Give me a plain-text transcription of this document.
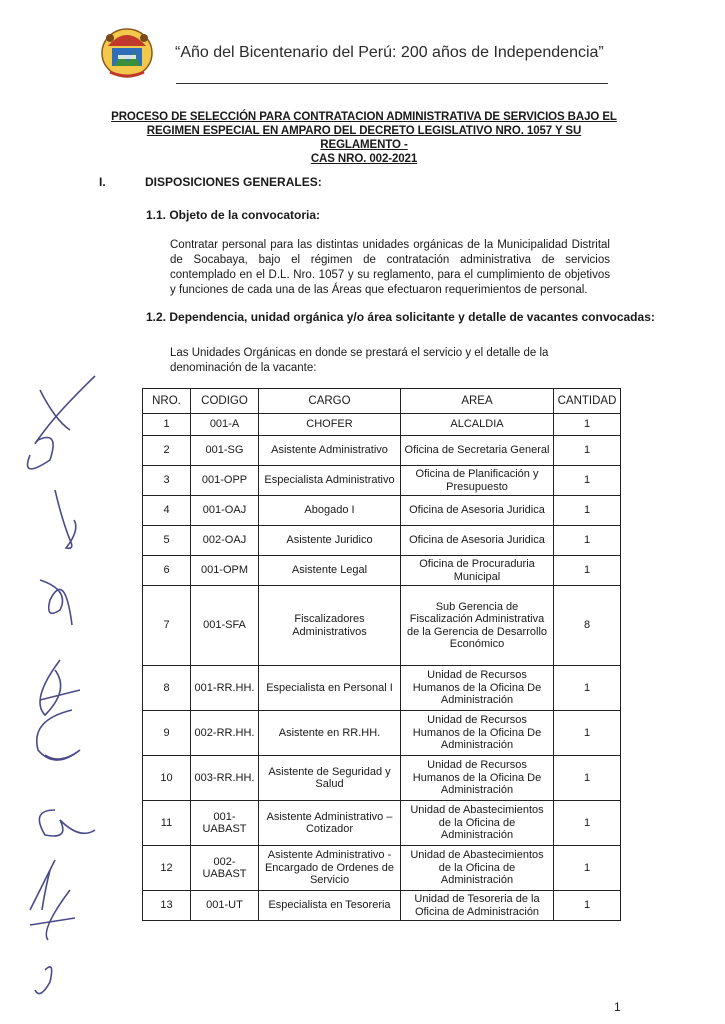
“Año del Bicentenario del Perú: 200 años de Independencia”
PROCESO DE SELECCIÓN PARA CONTRATACION ADMINISTRATIVA DE SERVICIOS BAJO EL
REGIMEN ESPECIAL EN AMPARO DEL DECRETO LEGISLATIVO NRO. 1057 Y SU REGLAMENTO -
CAS NRO. 002-2021
I.	DISPOSICIONES GENERALES:
1.1. Objeto de la convocatoria:
Contratar personal para las distintas unidades orgánicas de la Municipalidad Distrital de Socabaya, bajo el régimen de contratación administrativa de servicios contemplado en el D.L. Nro. 1057 y su reglamento, para el cumplimiento de objetivos y funciones de cada una de las Áreas que efectuaron requerimientos de personal.
1.2. Dependencia, unidad orgánica y/o área solicitante y detalle de vacantes convocadas:
Las Unidades Orgánicas en donde se prestará el servicio y el detalle de la denominación de la vacante:
NRO.	CODIGO	CARGO	AREA	CANTIDAD
1	001-A	CHOFER	ALCALDIA	1
2	001-SG	Asistente Administrativo	Oficina de Secretaria General	1
3	001-OPP	Especialista Administrativo	Oficina de Planificación y Presupuesto	1
4	001-OAJ	Abogado I	Oficina de Asesoria Juridica	1
5	002-OAJ	Asistente Juridico	Oficina de Asesoria Juridica	1
6	001-OPM	Asistente Legal	Oficina de Procuraduria Municipal	1
7	001-SFA	Fiscalizadores Administrativos	Sub Gerencia de Fiscalización Administrativa de la Gerencia de Desarrollo Económico	8
8	001-RR.HH.	Especialista en Personal I	Unidad de Recursos Humanos de la Oficina De Administración	1
9	002-RR.HH.	Asistente en RR.HH.	Unidad de Recursos Humanos de la Oficina De Administración	1
10	003-RR.HH.	Asistente de Seguridad y Salud	Unidad de Recursos Humanos de la Oficina De Administración	1
11	001-UABAST	Asistente Administrativo – Cotizador	Unidad de Abastecimientos de la Oficina de Administración	1
12	002-UABAST	Asistente Administrativo - Encargado de Ordenes de Servicio	Unidad de Abastecimientos de la Oficina de Administración	1
13	001-UT	Especialista en Tesoreria	Unidad de Tesoreria de la Oficina de Administración	1
1
